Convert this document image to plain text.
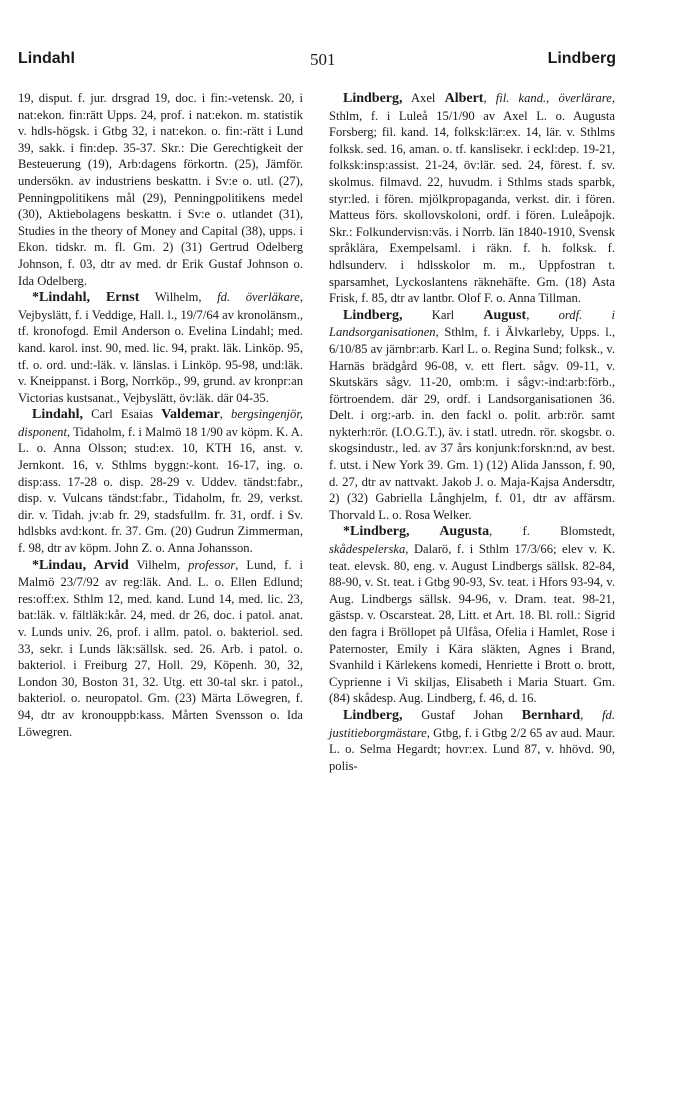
Lindahl	501	Lindberg

19, disput. f. jur. drsgrad 19, doc. i fin:-vetensk. 20, i nat:ekon. fin:rätt Upps. 24, prof. i nat:ekon. m. statistik v. hdls-högsk. i Gtbg 32, i nat:ekon. o. fin:-rätt i Lund 39, sakk. i fin:dep. 35-37. Skr.: Die Gerechtigkeit der Besteuerung (19), Arb:dagens förkortn. (25), Jämför. undersökn. av industriens beskattn. i Sv:e o. utl. (27), Penningpolitikens mål (29), Penningpolitikens medel (30), Aktiebolagens beskattn. i Sv:e o. utlandet (31), Studies in the theory of Money and Capital (38), upps. i Ekon. tidskr. m. fl. Gm. 2) (31) Gertrud Odelberg Johnson, f. 03, dtr av med. dr Erik Gustaf Johnson o. Ida Odelberg.

*Lindahl, Ernst Wilhelm, fd. överläkare, Vejbyslätt, f. i Veddige, Hall. l., 19/7/64 av kronolänsm., tf. kronofogd. Emil Anderson o. Evelina Lindahl; med. kand. karol. inst. 90, med. lic. 94, prakt. läk. Linköp. 95, tf. o. ord. und:-läk. v. länslas. i Linköp. 95-98, und:läk. v. Kneippanst. i Borg, Norrköp., 99, grund. av kronpr:an Victorias kustsanat., Vejbyslätt, öv:läk. där 04-35.

Lindahl, Carl Esaias Valdemar, bergsingenjör, disponent, Tidaholm, f. i Malmö 18 1/90 av köpm. K. A. L. o. Anna Olsson; stud:ex. 10, KTH 16, anst. v. Jernkont. 16, v. Sthlms byggn:-kont. 16-17, ing. o. disp:ass. 17-28 o. disp. 28-29 v. Uddev. tändst:fabr., disp. v. Vulcans tändst:fabr., Tidaholm, fr. 29, verkst. dir. v. Tidah. jv:ab fr. 29, stadsfullm. fr. 31, ordf. i Sv. hdlsbks avd:kont. fr. 37. Gm. (20) Gudrun Zimmerman, f. 98, dtr av köpm. John Z. o. Anna Johansson.

*Lindau, Arvid Vilhelm, professor, Lund, f. i Malmö 23/7/92 av reg:läk. And. L. o. Ellen Edlund; res:off:ex. Sthlm 12, med. kand. Lund 14, med. lic. 23, bat:läk. v. fältläk:kår. 24, med. dr 26, doc. i patol. anat. v. Lunds univ. 26, prof. i allm. patol. o. bakteriol. sed. 33, sekr. i Lunds läk:sällsk. sed. 26. Arb. i patol. o. bakteriol. i Freiburg 27, Holl. 29, Köpenh. 30, 32, London 30, Boston 31, 32. Utg. ett 30-tal skr. i patol., bakteriol. o. neuropatol. Gm. (23) Märta Löwegren, f. 94, dtr av kronouppb:kass. Mårten Svensson o. Ida Löwegren.

Lindberg, Axel Albert, fil. kand., överlärare, Sthlm, f. i Luleå 15/1/90 av Axel L. o. Augusta Forsberg; fil. kand. 14, folksk:lär:ex. 14, lär. v. Sthlms folksk. sed. 16, aman. o. tf. kanslisekr. i eckl:dep. 19-21, folksk:insp:assist. 21-24, öv:lär. sed. 24, förest. f. sv. skolmus. filmavd. 22, huvudm. i Sthlms stads sparbk, styr:led. i fören. mjölkpropaganda, verkst. dir. i fören. Matteus förs. skollovskoloni, ordf. i fören. Luleåpojk. Skr.: Folkundervisn:väs. i Norrb. län 1840-1910, Svensk språklära, Exempelsaml. i räkn. f. h. folksk. f. hdlsunderv. i hdlsskolor m. m., Uppfostran t. sparsamhet, Lyckoslantens räknehäfte. Gm. (18) Asta Frisk, f. 85, dtr av lantbr. Olof F. o. Anna Tillman.

Lindberg, Karl August, ordf. i Landsorganisationen, Sthlm, f. i Älvkarleby, Upps. l., 6/10/85 av järnbr:arb. Karl L. o. Regina Sund; folksk., v. Harnäs brädgård 96-08, v. ett flert. sågv. 09-11, v. Skutskärs sågv. 11-20, omb:m. i sågv:-ind:arb:förb., förtroendem. där 29, ordf. i Landsorganisationen 36. Delt. i org:-arb. in. den fackl o. polit. arb:rör. samt nykterh:rör. (I.O.G.T.), äv. i statl. utredn. rör. skogsbr. o. skogsindustr., led. av 37 års konjunk:forskn:nd, av best. f. utst. i New York 39. Gm. 1) (12) Alida Jansson, f. 90, d. 27, dtr av nattvakt. Jakob J. o. Maja-Kajsa Andersdtr, 2) (32) Gabriella Långhjelm, f. 01, dtr av affärsm. Thorvald L. o. Rosa Welker.

*Lindberg, Augusta, f. Blomstedt, skådespelerska, Dalarö, f. i Sthlm 17/3/66; elev v. K. teat. elevsk. 80, eng. v. August Lindbergs sällsk. 82-84, 88-90, v. St. teat. i Gtbg 90-93, Sv. teat. i Hfors 93-94, v. Aug. Lindbergs sällsk. 94-96, v. Dram. teat. 98-21, gästsp. v. Oscarsteat. 28, Litt. et Art. 18. Bl. roll.: Sigrid den fagra i Bröllopet på Ulfåsa, Ofelia i Hamlet, Rose i Paternoster, Emily i Kära släkten, Agnes i Brand, Svanhild i Kärlekens komedi, Henriette i Brott o. brott, Cyprienne i Vi skiljas, Elisabeth i Maria Stuart. Gm. (84) skådesp. Aug. Lindberg, f. 46, d. 16.

Lindberg, Gustaf Johan Bernhard, fd. justitieborgmästare, Gtbg, f. i Gtbg 2/2 65 av aud. Maur. L. o. Selma Hegardt; hovr:ex. Lund 87, v. hhövd. 90, polis-
